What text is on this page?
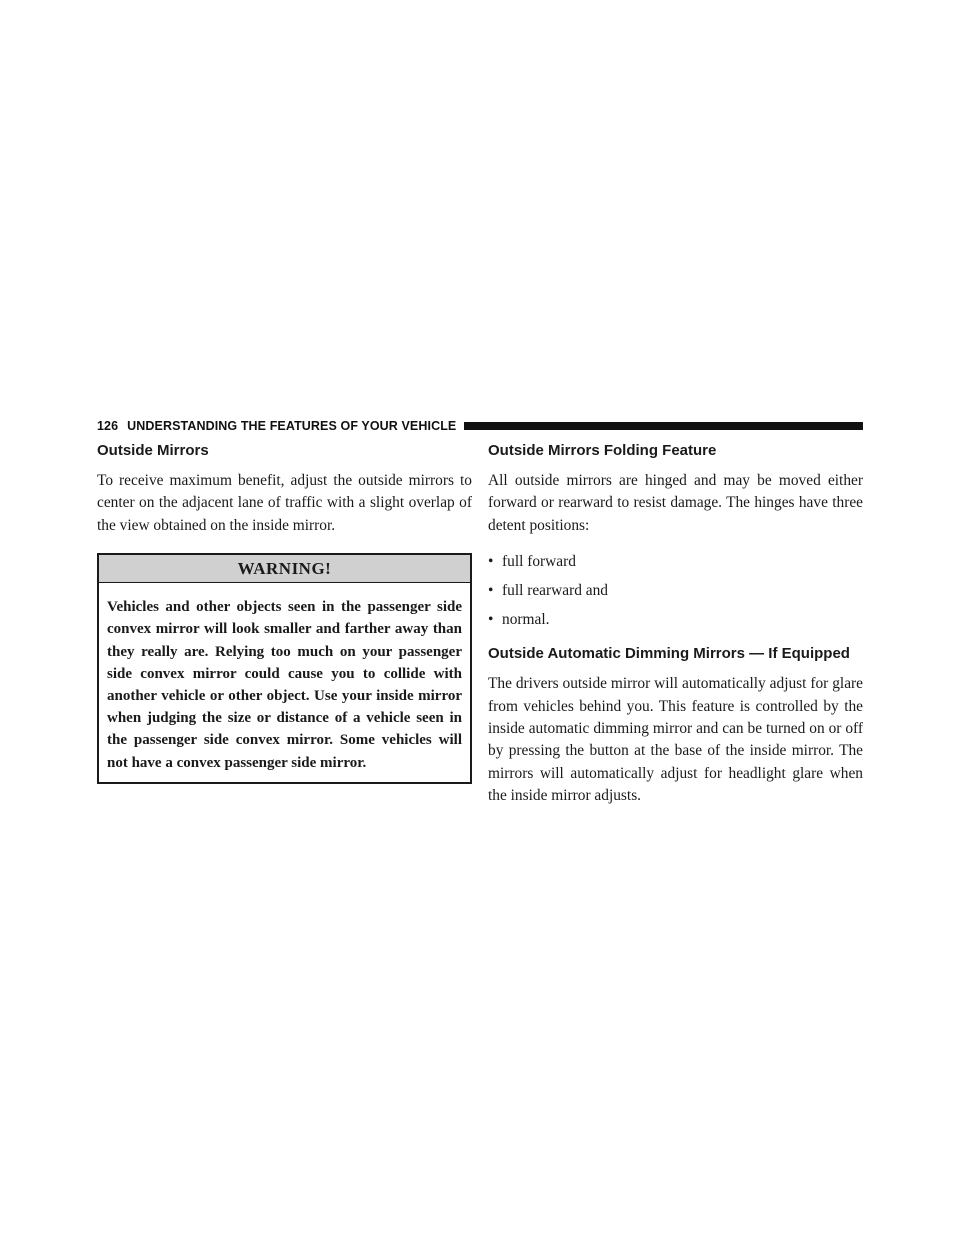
126 UNDERSTANDING THE FEATURES OF YOUR VEHICLE
Outside Mirrors

To receive maximum benefit, adjust the outside mirrors to center on the adjacent lane of traffic with a slight overlap of the view obtained on the inside mirror.

WARNING!
Vehicles and other objects seen in the passenger side convex mirror will look smaller and farther away than they really are. Relying too much on your passenger side convex mirror could cause you to collide with another vehicle or other object. Use your inside mirror when judging the size or distance of a vehicle seen in the passenger side convex mirror. Some vehicles will not have a convex passenger side mirror.
Outside Mirrors Folding Feature

All outside mirrors are hinged and may be moved either forward or rearward to resist damage. The hinges have three detent positions:

• full forward
• full rearward and
• normal.
Outside Automatic Dimming Mirrors — If Equipped

The drivers outside mirror will automatically adjust for glare from vehicles behind you. This feature is controlled by the inside automatic dimming mirror and can be turned on or off by pressing the button at the base of the inside mirror. The mirrors will automatically adjust for headlight glare when the inside mirror adjusts.
